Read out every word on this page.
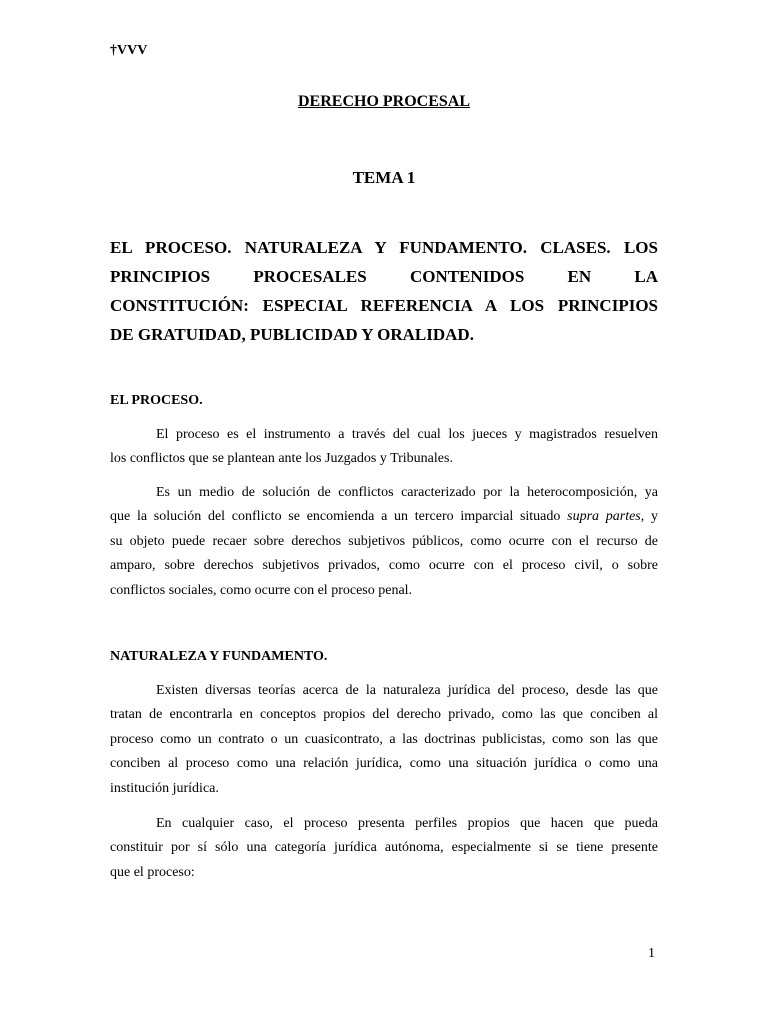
†VVV
DERECHO PROCESAL
TEMA 1
EL PROCESO. NATURALEZA Y FUNDAMENTO. CLASES. LOS
PRINCIPIOS PROCESALES CONTENIDOS EN LA
CONSTITUCIÓN: ESPECIAL REFERENCIA A LOS PRINCIPIOS
DE GRATUIDAD, PUBLICIDAD Y ORALIDAD.
EL PROCESO.
El proceso es el instrumento a través del cual los jueces y magistrados resuelven
los conflictos que se plantean ante los Juzgados y Tribunales.
Es un medio de solución de conflictos caracterizado por la heterocomposición, ya
que la solución del conflicto se encomienda a un tercero imparcial situado supra partes, y
su objeto puede recaer sobre derechos subjetivos públicos, como ocurre con el recurso de
amparo, sobre derechos subjetivos privados, como ocurre con el proceso civil, o sobre
conflictos sociales, como ocurre con el proceso penal.
NATURALEZA Y FUNDAMENTO.
Existen diversas teorías acerca de la naturaleza jurídica del proceso, desde las que
tratan de encontrarla en conceptos propios del derecho privado, como las que conciben al
proceso como un contrato o un cuasicontrato, a las doctrinas publicistas, como son las que
conciben al proceso como una relación jurídica, como una situación jurídica o como una
institución jurídica.
En cualquier caso, el proceso presenta perfiles propios que hacen que pueda
constituir por sí sólo una categoría jurídica autónoma, especialmente si se tiene presente
que el proceso:
1
